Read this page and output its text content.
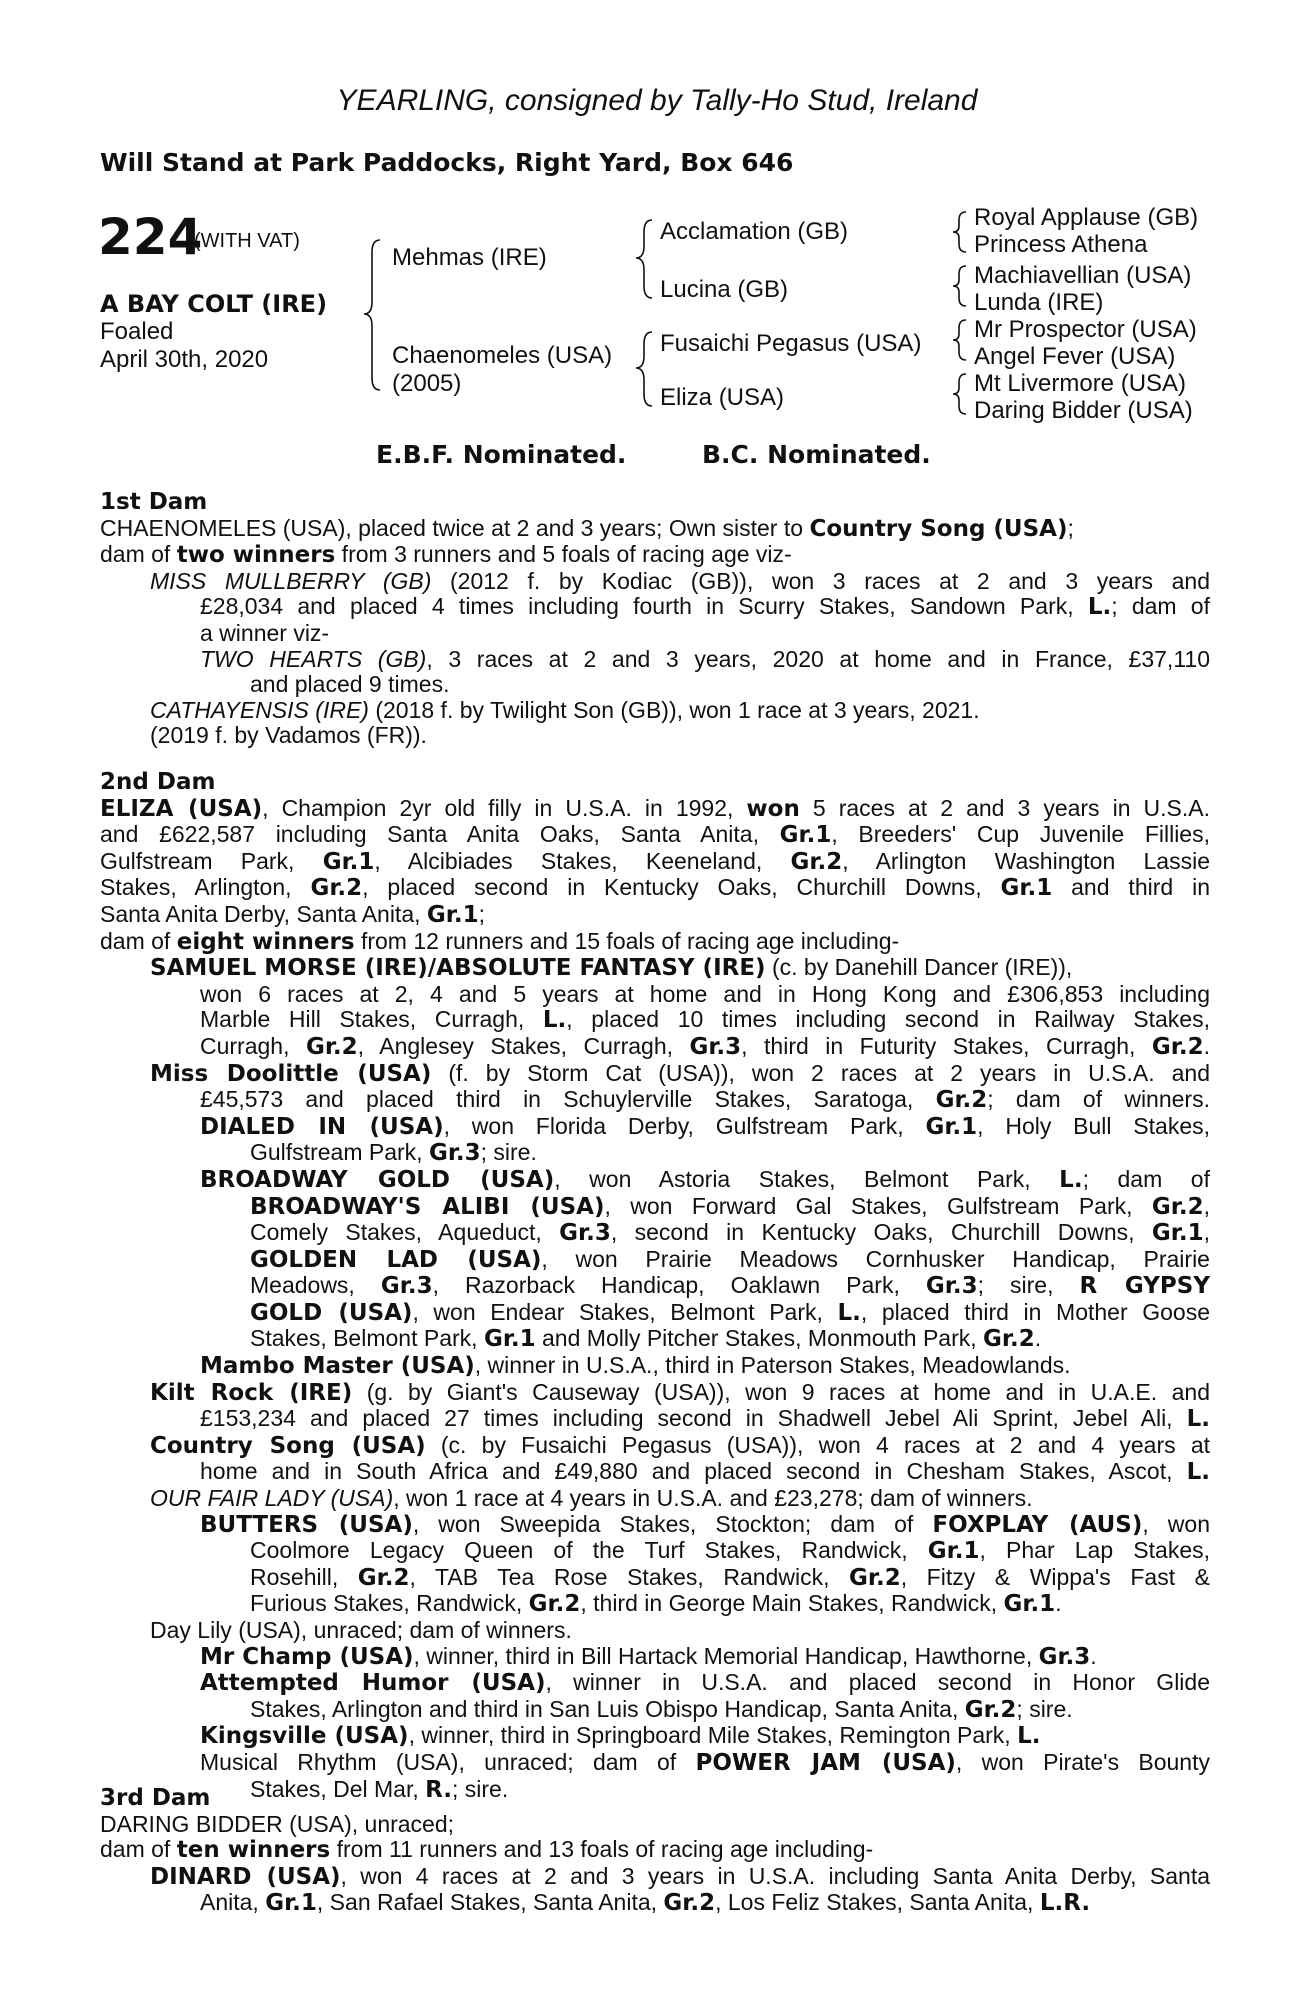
YEARLING, consigned by Tally-Ho Stud, Ireland
Will Stand at Park Paddocks, Right Yard, Box 646
224
(WITH VAT)
A BAY COLT (IRE)
Foaled
April 30th, 2020
Mehmas (IRE)
Chaenomeles (USA)
(2005)
Acclamation (GB)
Lucina (GB)
Fusaichi Pegasus (USA)
Eliza (USA)
Royal Applause (GB)
Princess Athena
Machiavellian (USA)
Lunda (IRE)
Mr Prospector (USA)
Angel Fever (USA)
Mt Livermore (USA)
Daring Bidder (USA)
E.B.F. Nominated.	B.C. Nominated.
1st Dam
CHAENOMELES (USA), placed twice at 2 and 3 years; Own sister to Country Song (USA);
dam of two winners from 3 runners and 5 foals of racing age viz-
MISS MULLBERRY (GB) (2012 f. by Kodiac (GB)), won 3 races at 2 and 3 years and
£28,034 and placed 4 times including fourth in Scurry Stakes, Sandown Park, L.; dam of
a winner viz-
TWO HEARTS (GB), 3 races at 2 and 3 years, 2020 at home and in France, £37,110
and placed 9 times.
CATHAYENSIS (IRE) (2018 f. by Twilight Son (GB)), won 1 race at 3 years, 2021.
(2019 f. by Vadamos (FR)).
2nd Dam
ELIZA (USA), Champion 2yr old filly in U.S.A. in 1992, won 5 races at 2 and 3 years in U.S.A.
and £622,587 including Santa Anita Oaks, Santa Anita, Gr.1, Breeders' Cup Juvenile Fillies,
Gulfstream Park, Gr.1, Alcibiades Stakes, Keeneland, Gr.2, Arlington Washington Lassie
Stakes, Arlington, Gr.2, placed second in Kentucky Oaks, Churchill Downs, Gr.1 and third in
Santa Anita Derby, Santa Anita, Gr.1;
dam of eight winners from 12 runners and 15 foals of racing age including-
SAMUEL MORSE (IRE)/ABSOLUTE FANTASY (IRE) (c. by Danehill Dancer (IRE)),
won 6 races at 2, 4 and 5 years at home and in Hong Kong and £306,853 including
Marble Hill Stakes, Curragh, L., placed 10 times including second in Railway Stakes,
Curragh, Gr.2, Anglesey Stakes, Curragh, Gr.3, third in Futurity Stakes, Curragh, Gr.2.
Miss Doolittle (USA) (f. by Storm Cat (USA)), won 2 races at 2 years in U.S.A. and
£45,573 and placed third in Schuylerville Stakes, Saratoga, Gr.2; dam of winners.
DIALED IN (USA), won Florida Derby, Gulfstream Park, Gr.1, Holy Bull Stakes,
Gulfstream Park, Gr.3; sire.
BROADWAY GOLD (USA), won Astoria Stakes, Belmont Park, L.; dam of
BROADWAY'S ALIBI (USA), won Forward Gal Stakes, Gulfstream Park, Gr.2,
Comely Stakes, Aqueduct, Gr.3, second in Kentucky Oaks, Churchill Downs, Gr.1,
GOLDEN LAD (USA), won Prairie Meadows Cornhusker Handicap, Prairie
Meadows, Gr.3, Razorback Handicap, Oaklawn Park, Gr.3; sire, R GYPSY
GOLD (USA), won Endear Stakes, Belmont Park, L., placed third in Mother Goose
Stakes, Belmont Park, Gr.1 and Molly Pitcher Stakes, Monmouth Park, Gr.2.
Mambo Master (USA), winner in U.S.A., third in Paterson Stakes, Meadowlands.
Kilt Rock (IRE) (g. by Giant's Causeway (USA)), won 9 races at home and in U.A.E. and
£153,234 and placed 27 times including second in Shadwell Jebel Ali Sprint, Jebel Ali, L.
Country Song (USA) (c. by Fusaichi Pegasus (USA)), won 4 races at 2 and 4 years at
home and in South Africa and £49,880 and placed second in Chesham Stakes, Ascot, L.
OUR FAIR LADY (USA), won 1 race at 4 years in U.S.A. and £23,278; dam of winners.
BUTTERS (USA), won Sweepida Stakes, Stockton; dam of FOXPLAY (AUS), won
Coolmore Legacy Queen of the Turf Stakes, Randwick, Gr.1, Phar Lap Stakes,
Rosehill, Gr.2, TAB Tea Rose Stakes, Randwick, Gr.2, Fitzy & Wippa's Fast &
Furious Stakes, Randwick, Gr.2, third in George Main Stakes, Randwick, Gr.1.
Day Lily (USA), unraced; dam of winners.
Mr Champ (USA), winner, third in Bill Hartack Memorial Handicap, Hawthorne, Gr.3.
Attempted Humor (USA), winner in U.S.A. and placed second in Honor Glide
Stakes, Arlington and third in San Luis Obispo Handicap, Santa Anita, Gr.2; sire.
Kingsville (USA), winner, third in Springboard Mile Stakes, Remington Park, L.
Musical Rhythm (USA), unraced; dam of POWER JAM (USA), won Pirate's Bounty
Stakes, Del Mar, R.; sire.
3rd Dam
DARING BIDDER (USA), unraced;
dam of ten winners from 11 runners and 13 foals of racing age including-
DINARD (USA), won 4 races at 2 and 3 years in U.S.A. including Santa Anita Derby, Santa
Anita, Gr.1, San Rafael Stakes, Santa Anita, Gr.2, Los Feliz Stakes, Santa Anita, L.R.
